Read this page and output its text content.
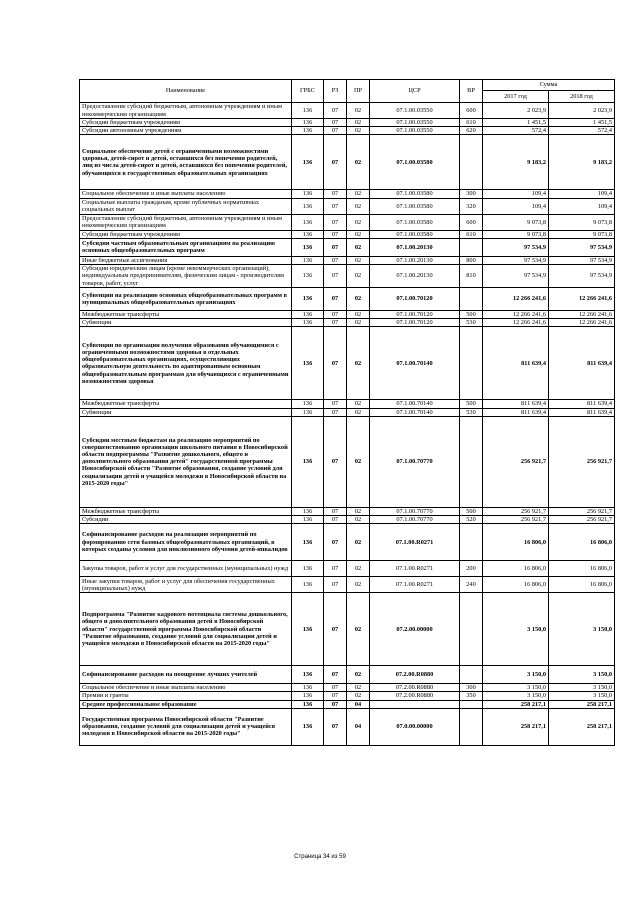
Наименование	ГРБС	РЗ	ПР	ЦСР	ВР	Сумма	
						2017 год	2018 год
Предоставление субсидий бюджетным, автономным учреждениям и иным некоммерческим организациям	136	07	02	07.1.00.03550	600	2 023,9	2 023,9
Субсидии бюджетным учреждениям	136	07	02	07.1.00.03550	610	1 451,5	1 451,5
Субсидии автономным учреждениям	136	07	02	07.1.00.03550	620	572,4	572,4
Социальное обеспечение детей с ограниченными возможностями здоровья, детей-сирот и детей, оставшихся без попечения родителей, лиц из числа детей-сирот и детей, оставшихся без попечения родителей, обучающихся в государственных образовательных организациях	136	07	02	07.1.00.03580		9 183,2	9 183,2
Социальное обеспечение и иные выплаты населению	136	07	02	07.1.00.03580	300	109,4	109,4
Социальные выплаты гражданам, кроме публичных нормативных социальных выплат	136	07	02	07.1.00.03580	320	109,4	109,4
Предоставление субсидий бюджетным, автономным учреждениям и иным некоммерческим организациям	136	07	02	07.1.00.03580	600	9 073,8	9 073,8
Субсидии бюджетным учреждениям	136	07	02	07.1.00.03580	610	9 073,8	9 073,8
Субсидии частным образовательным организациям на реализацию основных общеобразовательных программ	136	07	02	07.1.00.20130		97 534,9	97 534,9
Иные бюджетные ассигнования	136	07	02	07.1.00.20130	800	97 534,9	97 534,9
Субсидии юридическим лицам (кроме некоммерческих организаций), индивидуальным предпринимателям, физическим лицам - производителям товаров, работ, услуг	136	07	02	07.1.00.20130	810	97 534,9	97 534,9
Субвенции на реализацию основных общеобразовательных программ в муниципальных общеобразовательных организациях	136	07	02	07.1.00.70120		12 266 241,6	12 266 241,6
Межбюджетные трансферты	136	07	02	07.1.00.70120	500	12 266 241,6	12 266 241,6
Субвенции	136	07	02	07.1.00.70120	530	12 266 241,6	12 266 241,6
Субвенции по организации получения образования обучающимися с ограниченными возможностями здоровья в отдельных общеобразовательных организациях, осуществляющих образовательную деятельность по адаптированным основным общеобразовательным программам для обучающихся с ограниченными возможностями здоровья	136	07	02	07.1.00.70140		811 639,4	811 639,4
Межбюджетные трансферты	136	07	02	07.1.00.70140	500	811 639,4	811 639,4
Субвенции	136	07	02	07.1.00.70140	530	811 639,4	811 639,4
Субсидии местным бюджетам на реализацию мероприятий по совершенствованию организации школьного питания в Новосибирской области подпрограммы "Развитие дошкольного, общего и дополнительного образования детей" государственной программы Новосибирской области "Развитие образования, создание условий для социализации детей и учащейся молодежи в Новосибирской области на 2015-2020 годы"	136	07	02	07.1.00.70770		256 921,7	256 921,7
Межбюджетные трансферты	136	07	02	07.1.00.70770	500	256 921,7	256 921,7
Субсидии	136	07	02	07.1.00.70770	520	256 921,7	256 921,7
Софинансирование расходов на реализацию мероприятий по формированию сети базовых общеобразовательных организаций, в которых созданы условия для инклюзивного обучения детей-инвалидов	136	07	02	07.1.00.R0271		16 806,0	16 806,0
Закупка товаров, работ и услуг для государственных (муниципальных) нужд	136	07	02	07.1.00.R0271	200	16 806,0	16 806,0
Иные закупки товаров, работ и услуг для обеспечения государственных (муниципальных) нужд	136	07	02	07.1.00.R0271	240	16 806,0	16 806,0
Подпрограмма "Развитие кадрового потенциала системы дошкольного, общего и дополнительного образования детей в Новосибирской области" государственной программы Новосибирской области "Развитие образования, создание условий для социализации детей и учащейся молодежи в Новосибирской области на 2015-2020 годы"	136	07	02	07.2.00.00000		3 150,0	3 150,0
Софинансирование расходов на поощрение лучших учителей	136	07	02	07.2.00.R0880		3 150,0	3 150,0
Социальное обеспечение и иные выплаты населению	136	07	02	07.2.00.R0880	300	3 150,0	3 150,0
Премии и гранты	136	07	02	07.2.00.R0880	350	3 150,0	3 150,0
Среднее профессиональное образование	136	07	04			258 217,1	258 217,1
Государственная программа Новосибирской области "Развитие образования, создание условий для социализации детей и учащейся молодежи в Новосибирской области на 2015-2020 годы"	136	07	04	07.0.00.00000		258 217,1	258 217,1
Страница 34 из 59
